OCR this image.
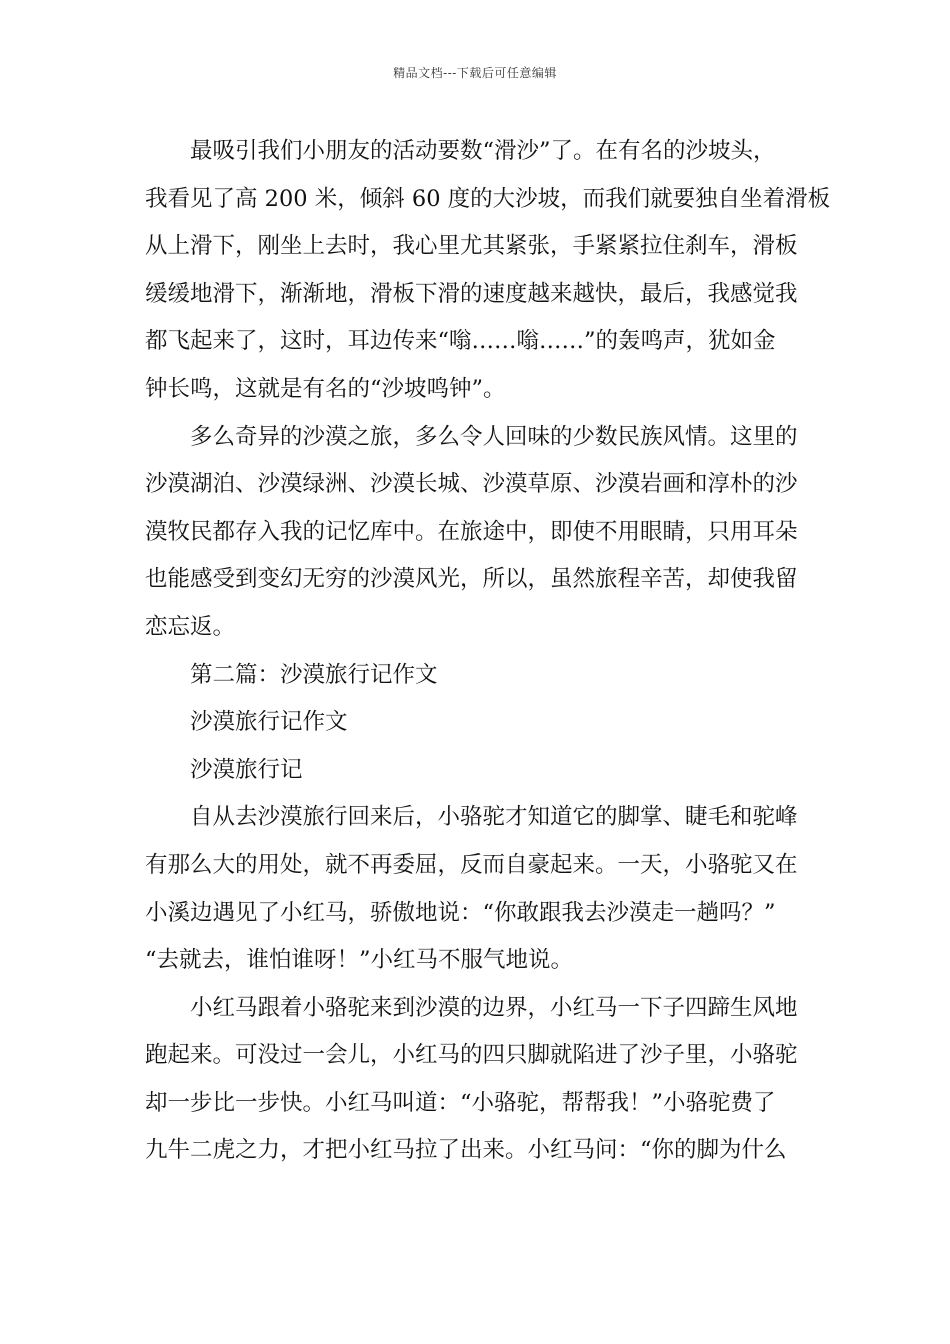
精品文档---下载后可任意编辑
最吸引我们小朋友的活动要数“滑沙”了。在有名的沙坡头，
我看见了高 200 米，倾斜 60 度的大沙坡，而我们就要独自坐着滑板
从上滑下，刚坐上去时，我心里尤其紧张，手紧紧拉住刹车，滑板
缓缓地滑下，渐渐地，滑板下滑的速度越来越快，最后，我感觉我
都飞起来了，这时，耳边传来“嗡……嗡……”的轰鸣声，犹如金
钟长鸣，这就是有名的“沙坡鸣钟”。
多么奇异的沙漠之旅，多么令人回味的少数民族风情。这里的
沙漠湖泊、沙漠绿洲、沙漠长城、沙漠草原、沙漠岩画和淳朴的沙
漠牧民都存入我的记忆库中。在旅途中，即使不用眼睛，只用耳朵
也能感受到变幻无穷的沙漠风光，所以，虽然旅程辛苦，却使我留
恋忘返。
第二篇：沙漠旅行记作文
沙漠旅行记作文
沙漠旅行记
自从去沙漠旅行回来后，小骆驼才知道它的脚掌、睫毛和驼峰
有那么大的用处，就不再委屈，反而自豪起来。一天，小骆驼又在
小溪边遇见了小红马，骄傲地说：“你敢跟我去沙漠走一趟吗？”
“去就去，谁怕谁呀！”小红马不服气地说。
小红马跟着小骆驼来到沙漠的边界，小红马一下子四蹄生风地
跑起来。可没过一会儿，小红马的四只脚就陷进了沙子里，小骆驼
却一步比一步快。小红马叫道：“小骆驼，帮帮我！”小骆驼费了
九牛二虎之力，才把小红马拉了出来。小红马问：“你的脚为什么
